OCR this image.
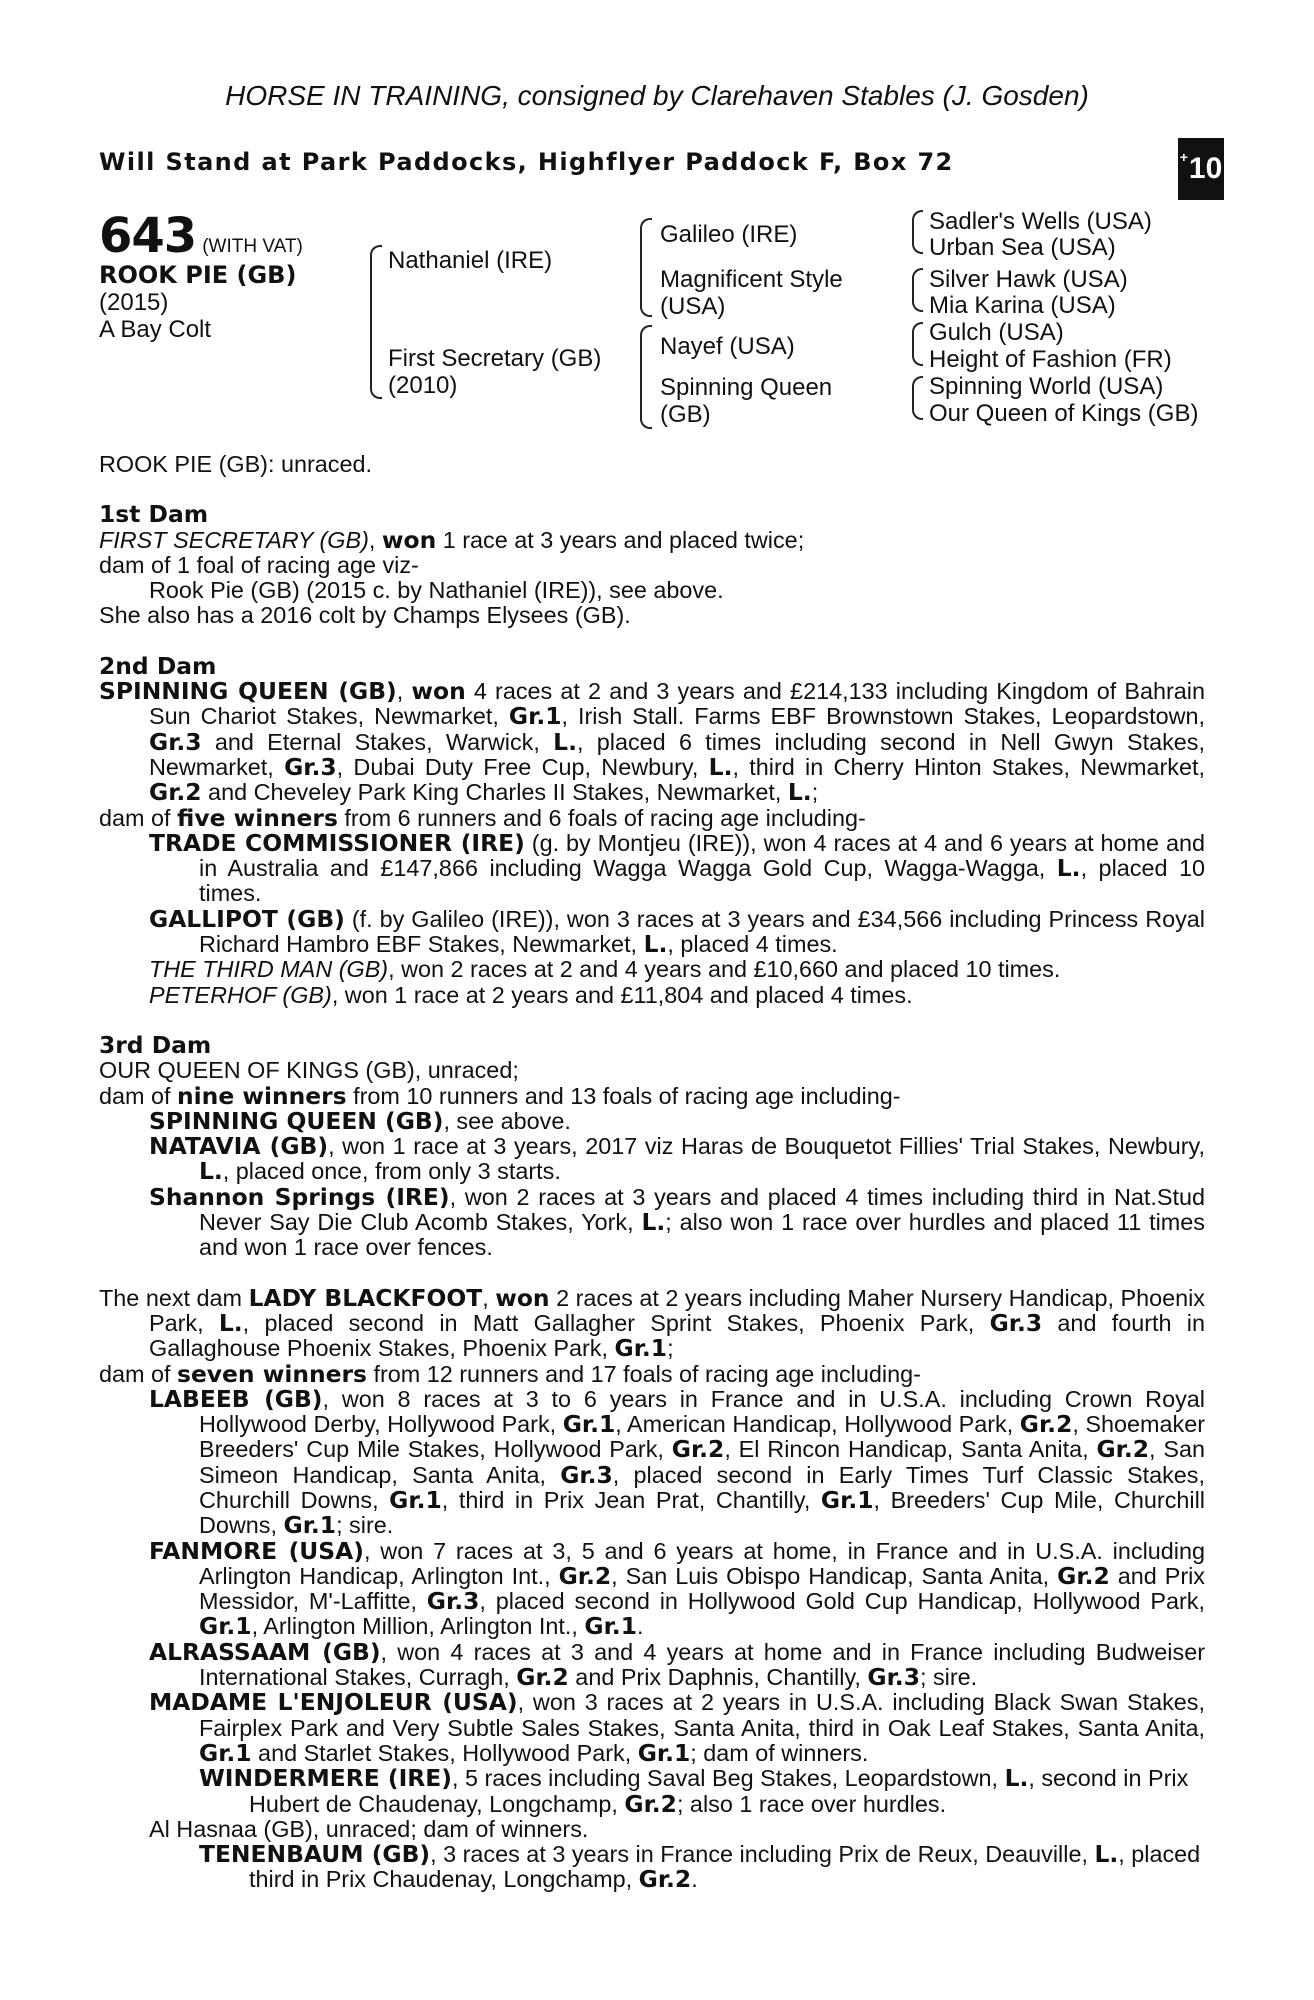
HORSE IN TRAINING, consigned by Clarehaven Stables (J. Gosden)
Will Stand at Park Paddocks, Highflyer Paddock F, Box 72	+ 10
643 (WITH VAT)
ROOK PIE (GB)
(2015)
A Bay Colt
Nathaniel (IRE)
First Secretary (GB)
(2010)
Galileo (IRE)
Magnificent Style
(USA)
Nayef (USA)
Spinning Queen
(GB)
Sadler's Wells (USA)
Urban Sea (USA)
Silver Hawk (USA)
Mia Karina (USA)
Gulch (USA)
Height of Fashion (FR)
Spinning World (USA)
Our Queen of Kings (GB)

ROOK PIE (GB): unraced.

1st Dam

FIRST SECRETARY (GB), won 1 race at 3 years and placed twice;

dam of 1 foal of racing age viz-

Rook Pie (GB) (2015 c. by Nathaniel (IRE)), see above.

She also has a 2016 colt by Champs Elysees (GB).

2nd Dam

SPINNING QUEEN (GB), won 4 races at 2 and 3 years and £214,133 including Kingdom of Bahrain Sun Chariot Stakes, Newmarket, Gr.1, Irish Stall. Farms EBF Brownstown Stakes, Leopardstown, Gr.3 and Eternal Stakes, Warwick, L., placed 6 times including second in Nell Gwyn Stakes, Newmarket, Gr.3, Dubai Duty Free Cup, Newbury, L., third in Cherry Hinton Stakes, Newmarket, Gr.2 and Cheveley Park King Charles II Stakes, Newmarket, L.;

dam of five winners from 6 runners and 6 foals of racing age including-

TRADE COMMISSIONER (IRE) (g. by Montjeu (IRE)), won 4 races at 4 and 6 years at home and in Australia and £147,866 including Wagga Wagga Gold Cup, Wagga-Wagga, L., placed 10 times.

GALLIPOT (GB) (f. by Galileo (IRE)), won 3 races at 3 years and £34,566 including Princess Royal Richard Hambro EBF Stakes, Newmarket, L., placed 4 times.

THE THIRD MAN (GB), won 2 races at 2 and 4 years and £10,660 and placed 10 times.

PETERHOF (GB), won 1 race at 2 years and £11,804 and placed 4 times.

3rd Dam

OUR QUEEN OF KINGS (GB), unraced;

dam of nine winners from 10 runners and 13 foals of racing age including-

SPINNING QUEEN (GB), see above.

NATAVIA (GB), won 1 race at 3 years, 2017 viz Haras de Bouquetot Fillies' Trial Stakes, Newbury, L., placed once, from only 3 starts.

Shannon Springs (IRE), won 2 races at 3 years and placed 4 times including third in Nat.Stud Never Say Die Club Acomb Stakes, York, L.; also won 1 race over hurdles and placed 11 times and won 1 race over fences.

The next dam LADY BLACKFOOT, won 2 races at 2 years including Maher Nursery Handicap, Phoenix Park, L., placed second in Matt Gallagher Sprint Stakes, Phoenix Park, Gr.3 and fourth in Gallaghouse Phoenix Stakes, Phoenix Park, Gr.1;

dam of seven winners from 12 runners and 17 foals of racing age including-

LABEEB (GB), won 8 races at 3 to 6 years in France and in U.S.A. including Crown Royal Hollywood Derby, Hollywood Park, Gr.1, American Handicap, Hollywood Park, Gr.2, Shoemaker Breeders' Cup Mile Stakes, Hollywood Park, Gr.2, El Rincon Handicap, Santa Anita, Gr.2, San Simeon Handicap, Santa Anita, Gr.3, placed second in Early Times Turf Classic Stakes, Churchill Downs, Gr.1, third in Prix Jean Prat, Chantilly, Gr.1, Breeders' Cup Mile, Churchill Downs, Gr.1; sire.

FANMORE (USA), won 7 races at 3, 5 and 6 years at home, in France and in U.S.A. including Arlington Handicap, Arlington Int., Gr.2, San Luis Obispo Handicap, Santa Anita, Gr.2 and Prix Messidor, M'-Laffitte, Gr.3, placed second in Hollywood Gold Cup Handicap, Hollywood Park, Gr.1, Arlington Million, Arlington Int., Gr.1.

ALRASSAAM (GB), won 4 races at 3 and 4 years at home and in France including Budweiser International Stakes, Curragh, Gr.2 and Prix Daphnis, Chantilly, Gr.3; sire.

MADAME L'ENJOLEUR (USA), won 3 races at 2 years in U.S.A. including Black Swan Stakes, Fairplex Park and Very Subtle Sales Stakes, Santa Anita, third in Oak Leaf Stakes, Santa Anita, Gr.1 and Starlet Stakes, Hollywood Park, Gr.1; dam of winners.

WINDERMERE (IRE), 5 races including Saval Beg Stakes, Leopardstown, L., second in Prix Hubert de Chaudenay, Longchamp, Gr.2; also 1 race over hurdles.

Al Hasnaa (GB), unraced; dam of winners.

TENENBAUM (GB), 3 races at 3 years in France including Prix de Reux, Deauville, L., placed third in Prix Chaudenay, Longchamp, Gr.2.
